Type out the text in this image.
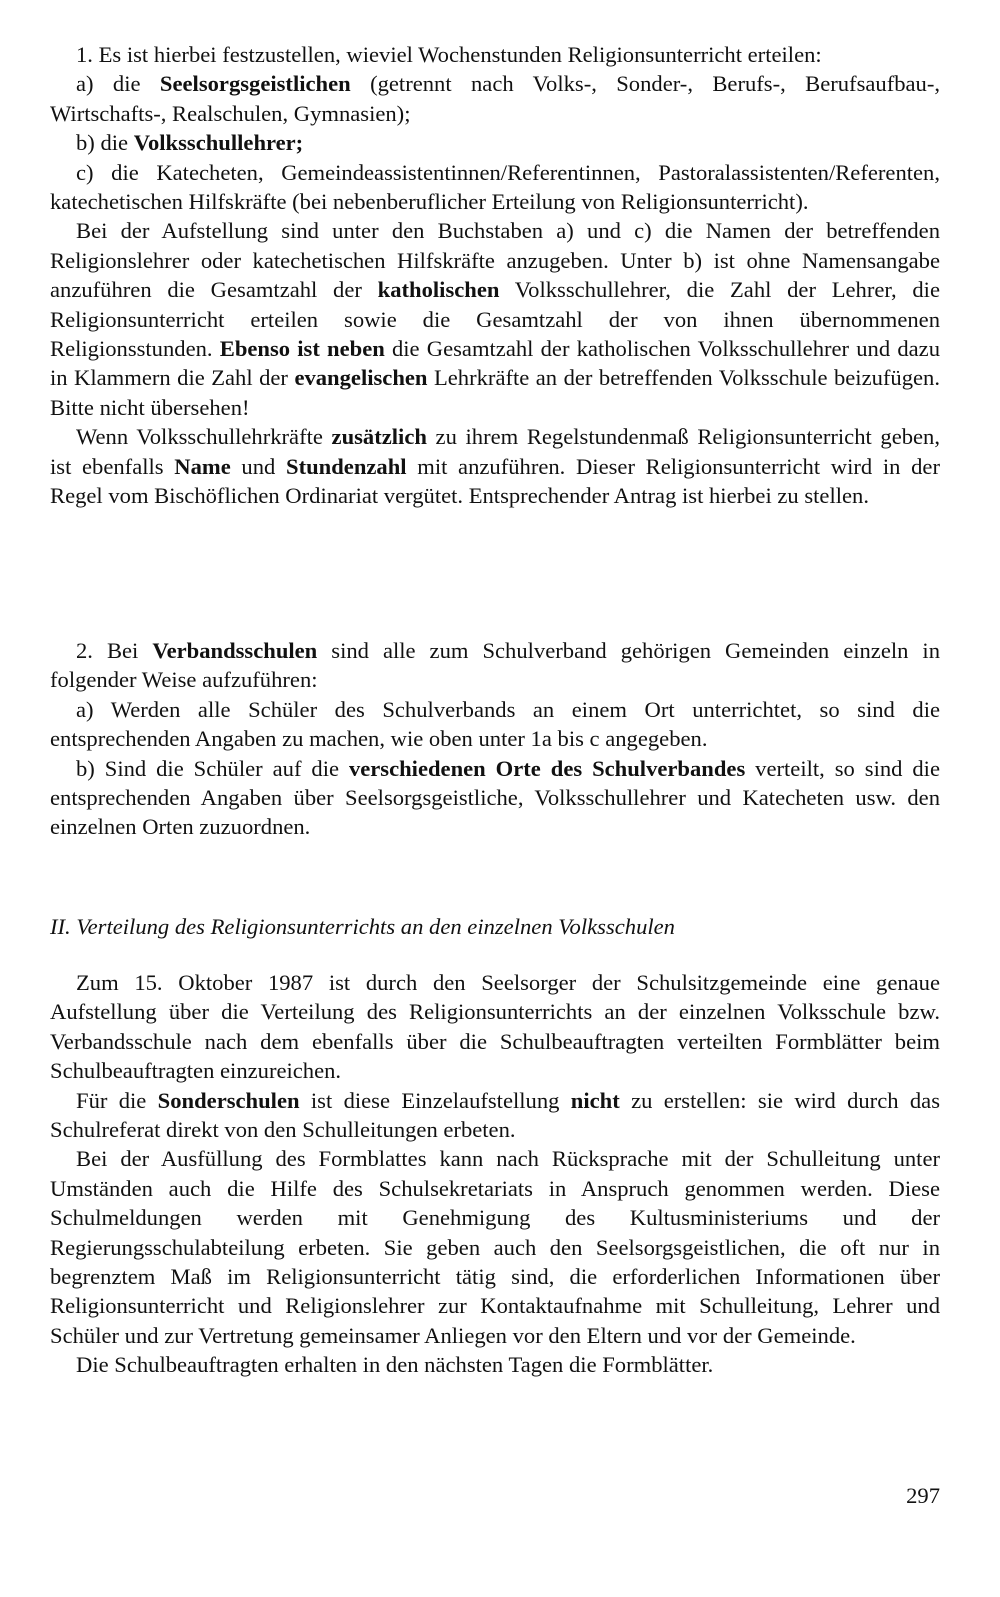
1. Es ist hierbei festzustellen, wieviel Wochenstunden Religionsunterricht erteilen:

a) die Seelsorgsgeistlichen (getrennt nach Volks-, Sonder-, Berufs-, Berufsaufbau-, Wirtschafts-, Realschulen, Gymnasien);

b) die Volksschullehrer;

c) die Katecheten, Gemeindeassistentinnen/Referentinnen, Pastoralassistenten/Referenten, katechetischen Hilfskräfte (bei nebenberuflicher Erteilung von Religionsunterricht).

Bei der Aufstellung sind unter den Buchstaben a) und c) die Namen der betreffenden Religionslehrer oder katechetischen Hilfskräfte anzugeben. Unter b) ist ohne Namensangabe anzuführen die Gesamtzahl der katholischen Volksschullehrer, die Zahl der Lehrer, die Religionsunterricht erteilen sowie die Gesamtzahl der von ihnen übernommenen Religionsstunden. Ebenso ist neben die Gesamtzahl der katholischen Volksschullehrer und dazu in Klammern die Zahl der evangelischen Lehrkräfte an der betreffenden Volksschule beizufügen. Bitte nicht übersehen!

Wenn Volksschullehrkräfte zusätzlich zu ihrem Regelstundenmaß Religionsunterricht geben, ist ebenfalls Name und Stundenzahl mit anzuführen. Dieser Religionsunterricht wird in der Regel vom Bischöflichen Ordinariat vergütet. Entsprechender Antrag ist hierbei zu stellen.

2. Bei Verbandsschulen sind alle zum Schulverband gehörigen Gemeinden einzeln in folgender Weise aufzuführen:

a) Werden alle Schüler des Schulverbands an einem Ort unterrichtet, so sind die entsprechenden Angaben zu machen, wie oben unter 1a bis c angegeben.

b) Sind die Schüler auf die verschiedenen Orte des Schulverbandes verteilt, so sind die entsprechenden Angaben über Seelsorgsgeistliche, Volksschullehrer und Katecheten usw. den einzelnen Orten zuzuordnen.

II. Verteilung des Religionsunterrichts an den einzelnen Volksschulen

Zum 15. Oktober 1987 ist durch den Seelsorger der Schulsitzgemeinde eine genaue Aufstellung über die Verteilung des Religionsunterrichts an der einzelnen Volksschule bzw. Verbandsschule nach dem ebenfalls über die Schulbeauftragten verteilten Formblätter beim Schulbeauftragten einzureichen.

Für die Sonderschulen ist diese Einzelaufstellung nicht zu erstellen: sie wird durch das Schulreferat direkt von den Schulleitungen erbeten.

Bei der Ausfüllung des Formblattes kann nach Rücksprache mit der Schulleitung unter Umständen auch die Hilfe des Schulsekretariats in Anspruch genommen werden. Diese Schulmeldungen werden mit Genehmigung des Kultusministeriums und der Regierungsschulabteilung erbeten. Sie geben auch den Seelsorgsgeistlichen, die oft nur in begrenztem Maß im Religionsunterricht tätig sind, die erforderlichen Informationen über Religionsunterricht und Religionslehrer zur Kontaktaufnahme mit Schulleitung, Lehrer und Schüler und zur Vertretung gemeinsamer Anliegen vor den Eltern und vor der Gemeinde.

Die Schulbeauftragten erhalten in den nächsten Tagen die Formblätter.

297
